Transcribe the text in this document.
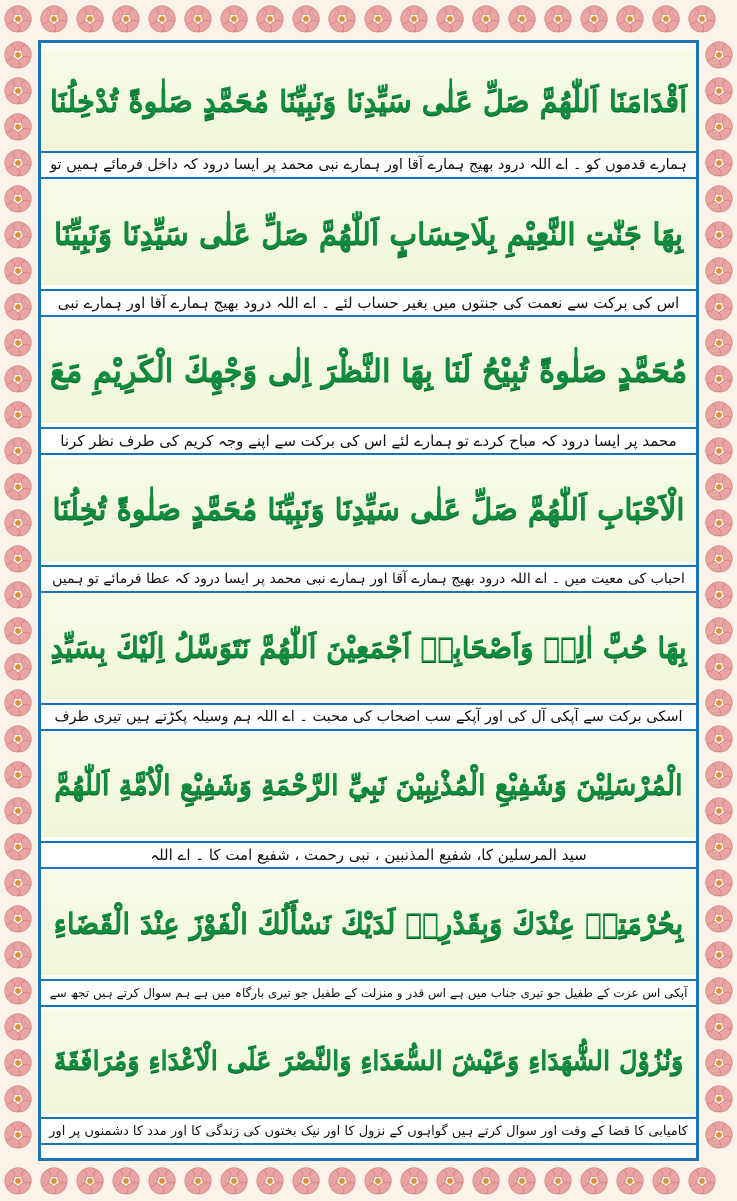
اَقْدَامَنَا اَللّٰهُمَّ صَلِّ عَلٰى سَيِّدِنَا وَنَبِيِّنَا مُحَمَّدٍ صَلٰوةً تُدْخِلُنَا
ہمارے قدموں کو ۔ اے اللہ درود بھیج ہمارے آقا اور ہمارے نبی محمد پر ایسا درود کہ داخل فرمائے ہمیں تو
بِهَا جَنّٰتِ النَّعِيْمِ بِلَاحِسَابٍ اَللّٰهُمَّ صَلِّ عَلٰى سَيِّدِنَا وَنَبِيِّنَا
اس کی برکت سے نعمت کی جنتوں میں بغیر حساب لئے ۔ اے اللہ درود بھیج ہمارے آقا اور ہمارے نبی
مُحَمَّدٍ صَلٰوةً تُبِيْحُ لَنَا بِهَا النَّظْرَ اِلٰى وَجْهِكَ الْكَرِيْمِ مَعَ
محمد پر ایسا درود کہ مباح کردے تو ہمارے لئے اس کی برکت سے اپنے وجہ کریم کی طرف نظر کرنا
الْاَحْبَابِ اَللّٰهُمَّ صَلِّ عَلٰى سَيِّدِنَا وَنَبِيِّنَا مُحَمَّدٍ صَلٰوةً تُخِلُنَا
احباب کی معیت میں ۔ اے اللہ درود بھیج ہمارے آقا اور ہمارے نبی محمد پر ایسا درود کہ عطا فرمائے تو ہمیں
بِهَا حُبَّ اٰلِهٖ وَاَصْحَابِهٖ اَجْمَعِيْنَ اَللّٰهُمَّ نَتَوَسَّلُ اِلَيْكَ بِسَيِّدِ
اسکی برکت سے آپکی آل کی اور آپکے سب اصحاب کی محبت ۔ اے اللہ ہم وسیلہ پکڑتے ہیں تیری طرف
الْمُرْسَلِيْنَ وَشَفِيْعِ الْمُذْنِبِيْنَ نَبِيِّ الرَّحْمَةِ وَشَفِيْعِ الْاُمَّةِ اَللّٰهُمَّ
سید المرسلین کا، شفیع المذنبین ، نبی رحمت ، شفیع امت کا ۔ اے اللہ
بِحُرْمَتِهٖ عِنْدَكَ وَبِقَدْرِهٖ لَدَيْكَ نَسْأَلُكَ الْفَوْزَ عِنْدَ الْقَضَاءِ
آپکی اس عزت کے طفیل جو تیری جناب میں ہے اس قدر و منزلت کے طفیل جو تیری بارگاہ میں ہے ہم سوال کرتے ہیں تجھ سے
وَنُزُوْلَ الشُّهَدَاءِ وَعَيْشَ السُّعَدَاءِ وَالنَّصْرَ عَلَى الْاَعْدَاءِ وَمُرَافَقَةَ
کامیابی کا قضا کے وقت اور سوال کرتے ہیں گواہوں کے نزول کا اور نیک بختوں کی زندگی کا اور مدد کا دشمنوں پر اور
